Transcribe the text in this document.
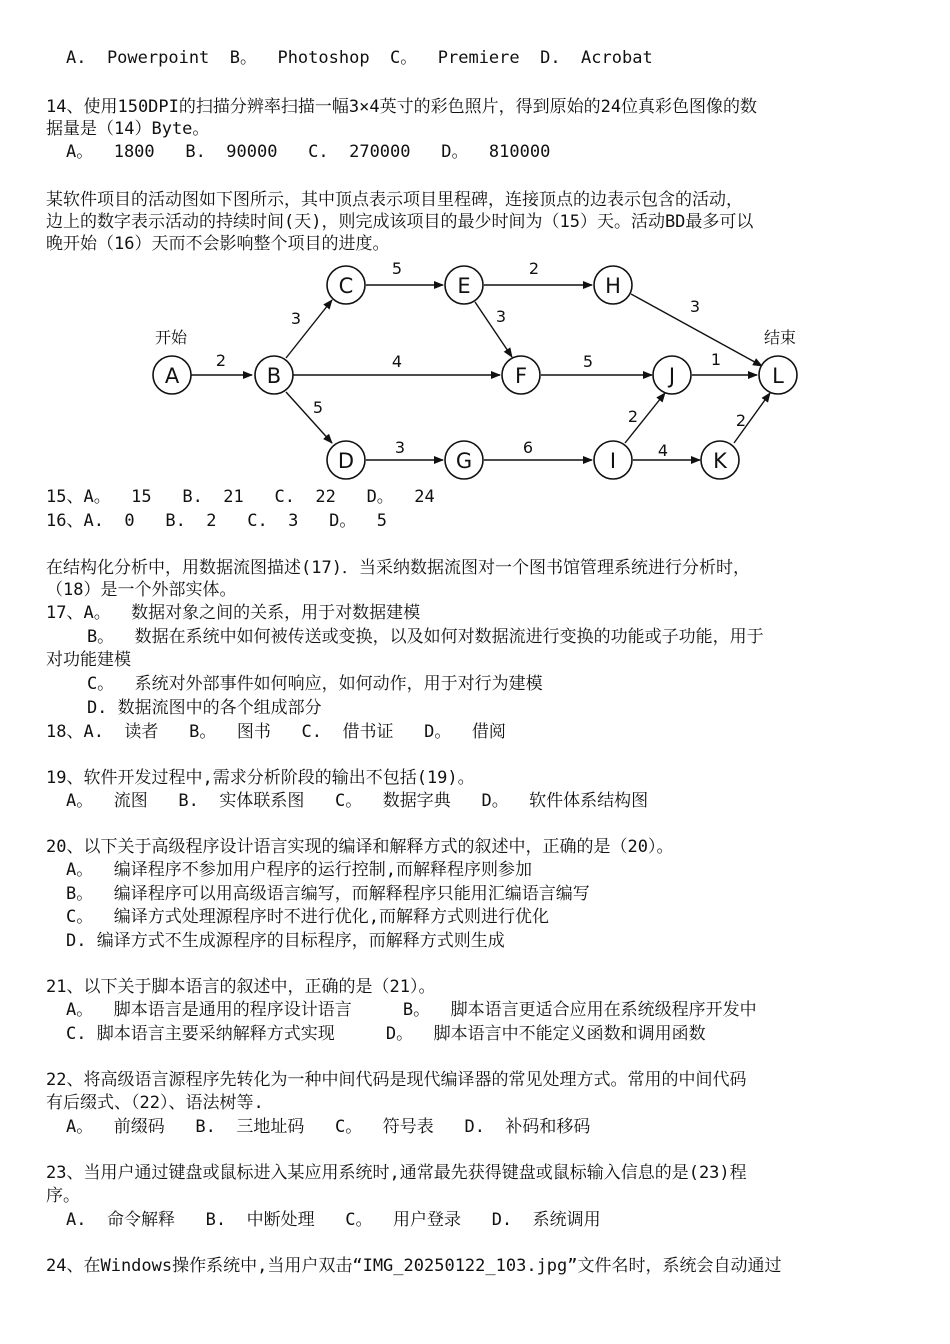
A.  Powerpoint  B。  Photoshop  C。  Premiere  D.  Acrobat
14、使用150DPI的扫描分辨率扫描一幅3×4英寸的彩色照片，得到原始的24位真彩色图像的数
据量是（14）Byte。
A。  1800   B.  90000   C.  270000   D。  810000
某软件项目的活动图如下图所示，其中顶点表示项目里程碑，连接顶点的边表示包含的活动，
边上的数字表示活动的持续时间(天)，则完成该项目的最少时间为（15）天。活动BD最多可以
晚开始（16）天而不会影响整个项目的进度。
2
3
4
5
5	2
3
3
5	1
3	6
2
4
2
A	B
C
D
E
F
G
H
I
J
K
L
开始	结束
15、A。  15   B.  21   C.  22   D。  24
16、A.  0   B.  2   C.  3   D。  5
在结构化分析中，用数据流图描述(17)．当采纳数据流图对一个图书馆管理系统进行分析时，
（18）是一个外部实体。
17、A。  数据对象之间的关系，用于对数据建模
B。  数据在系统中如何被传送或变换，以及如何对数据流进行变换的功能或子功能，用于
对功能建模
C。  系统对外部事件如何响应，如何动作，用于对行为建模
D. 数据流图中的各个组成部分
18、A.  读者   B。  图书   C.  借书证   D。  借阅
19、软件开发过程中,需求分析阶段的输出不包括(19)。
A。  流图   B.  实体联系图   C。  数据字典   D。  软件体系结构图
20、以下关于高级程序设计语言实现的编译和解释方式的叙述中，正确的是（20）。
A。  编译程序不参加用户程序的运行控制,而解释程序则参加
B。  编译程序可以用高级语言编写，而解释程序只能用汇编语言编写
C。  编译方式处理源程序时不进行优化,而解释方式则进行优化
D. 编译方式不生成源程序的目标程序，而解释方式则生成
21、以下关于脚本语言的叙述中，正确的是（21）。
A。  脚本语言是通用的程序设计语言     B。  脚本语言更适合应用在系统级程序开发中
C. 脚本语言主要采纳解释方式实现     D。  脚本语言中不能定义函数和调用函数
22、将高级语言源程序先转化为一种中间代码是现代编译器的常见处理方式。常用的中间代码
有后缀式、（22）、语法树等.
A。  前缀码   B.  三地址码   C。  符号表   D.  补码和移码
23、当用户通过键盘或鼠标进入某应用系统时,通常最先获得键盘或鼠标输入信息的是(23)程
序。
A.  命令解释   B.  中断处理   C。  用户登录   D.  系统调用
24、在Windows操作系统中,当用户双击“IMG_20250122_103.jpg”文件名时，系统会自动通过
